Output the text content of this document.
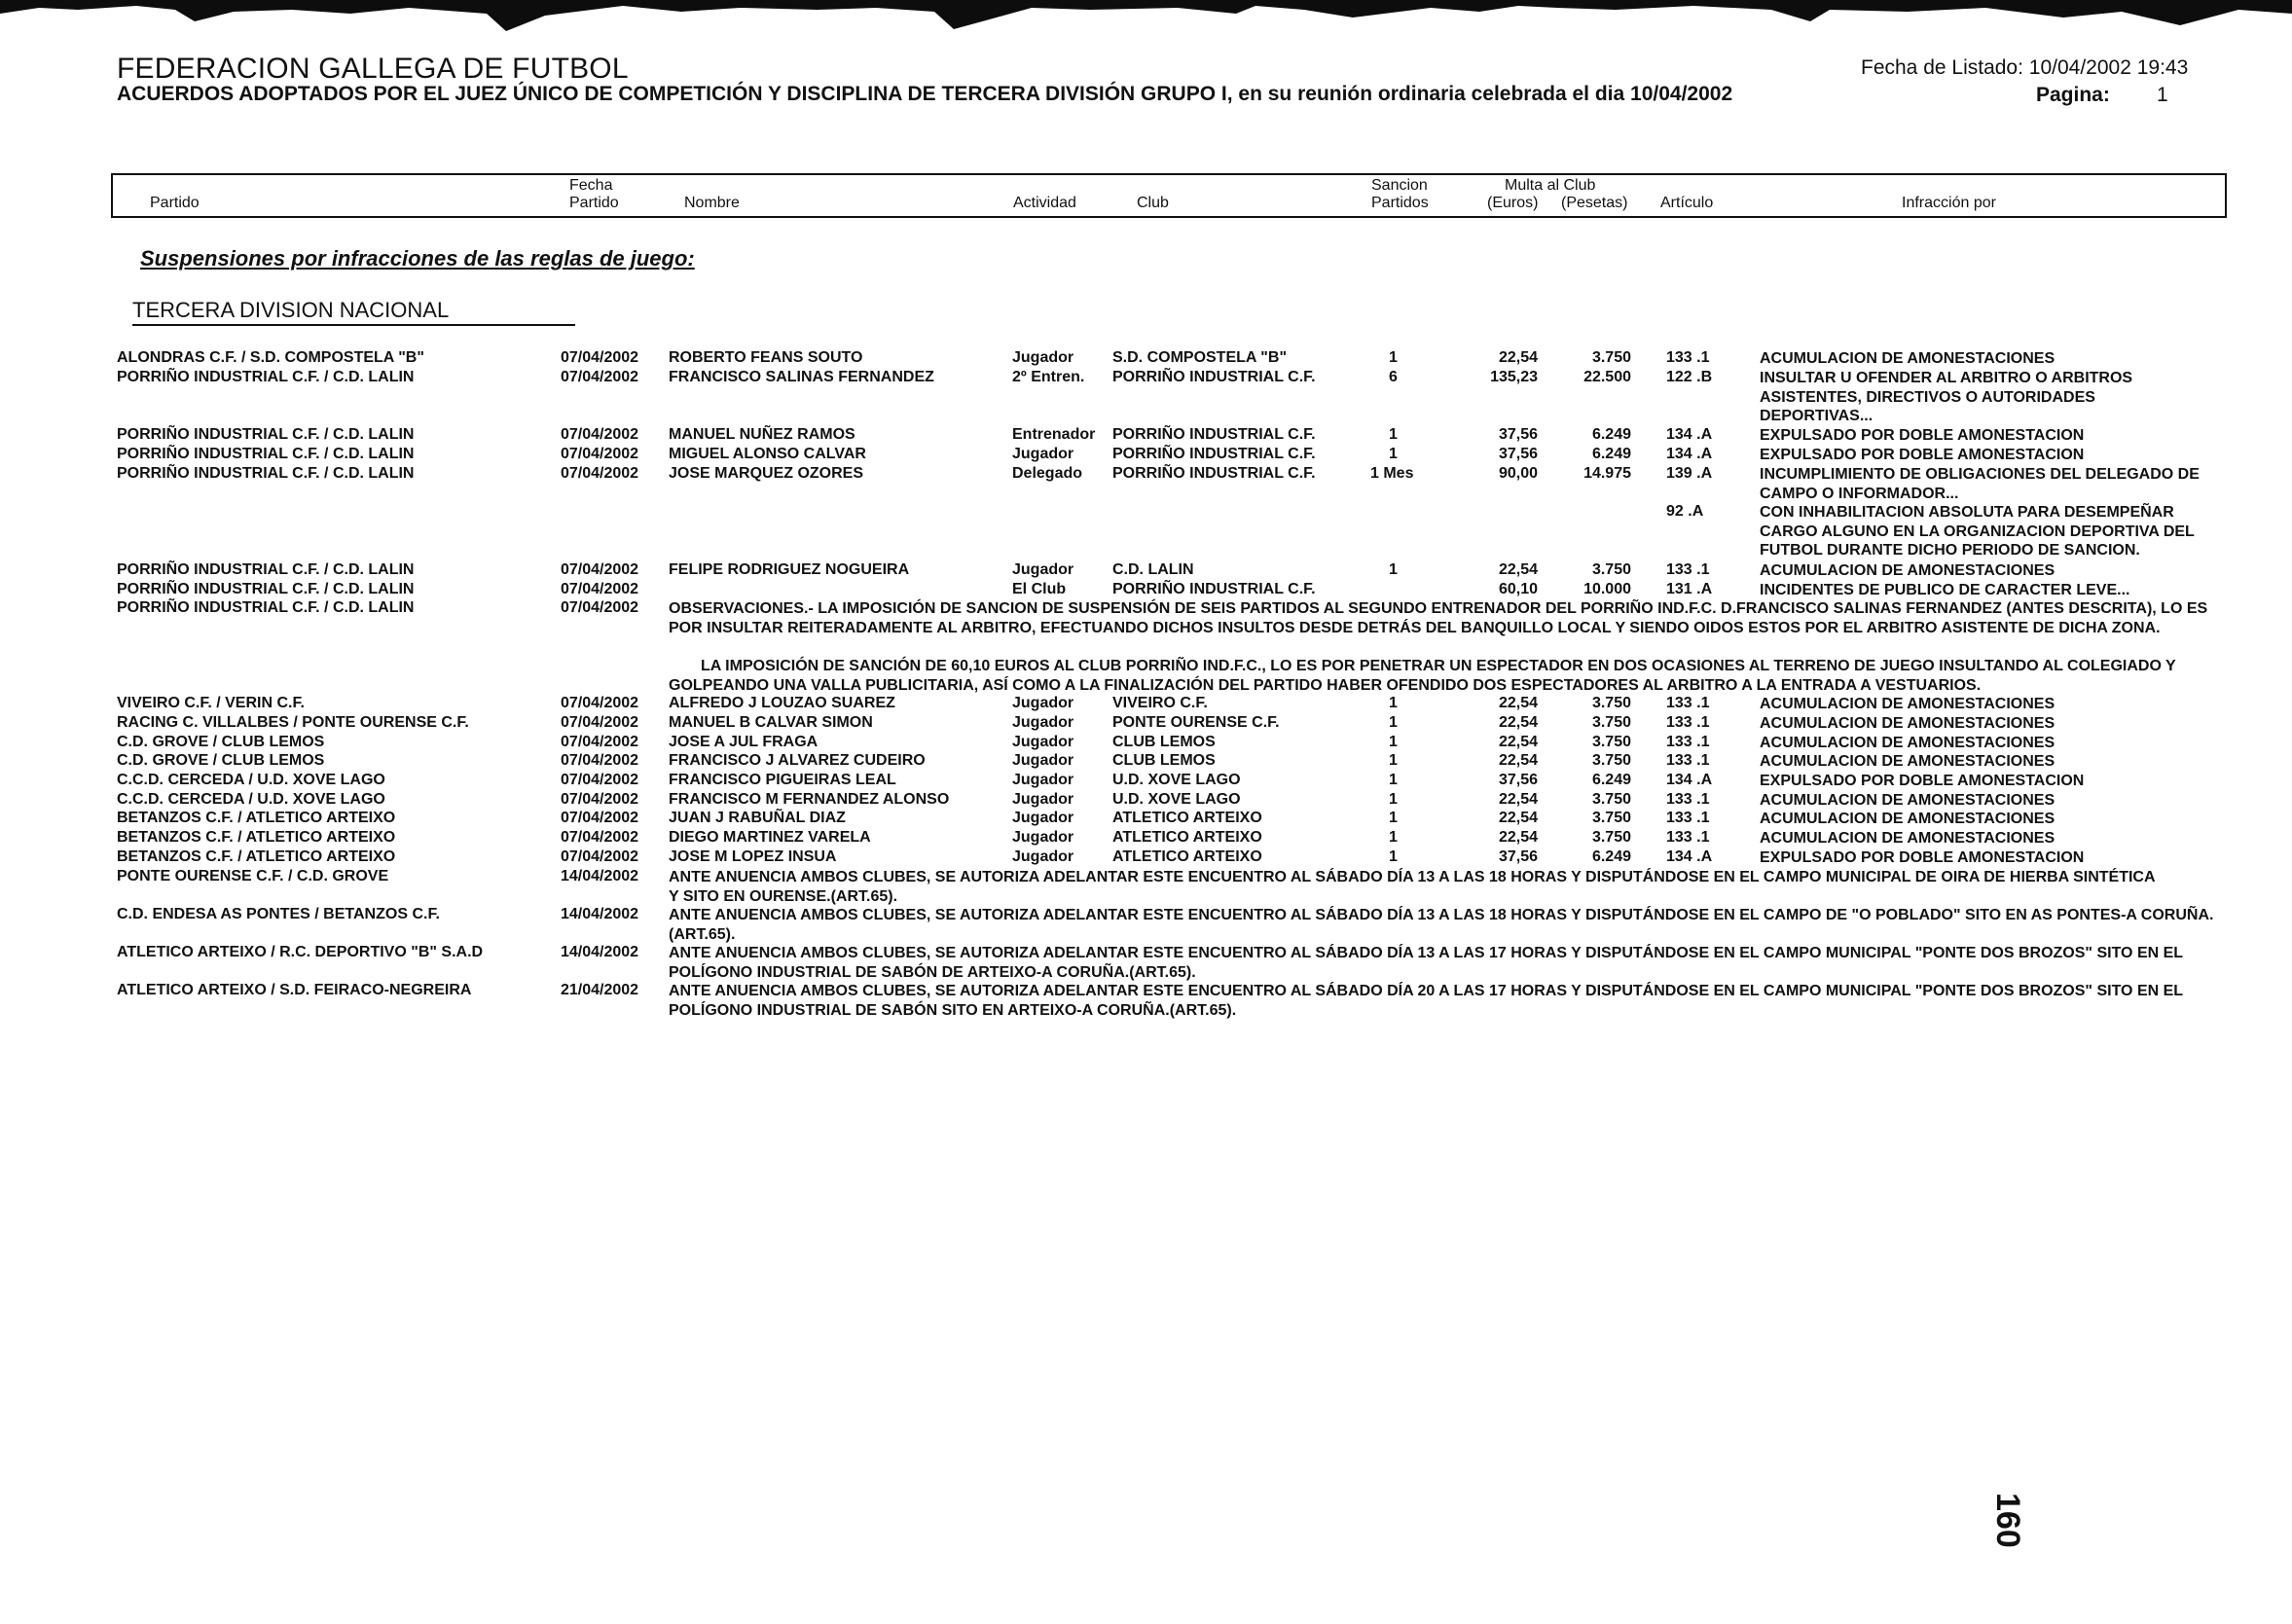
FEDERACION GALLEGA DE FUTBOL	Fecha de Listado: 10/04/2002 19:43
ACUERDOS ADOPTADOS POR EL JUEZ ÚNICO DE COMPETICIÓN Y DISCIPLINA DE TERCERA DIVISIÓN GRUPO I, en su reunión ordinaria celebrada el dia 10/04/2002	Pagina: 1
Partido
Fecha
Partido	Nombre	Actividad	Club
Sancion
Partidos
Multa al Club
(Euros) (Pesetas) Artículo	Infracción por
Suspensiones por infracciones de las reglas de juego:
TERCERA DIVISION NACIONAL
ALONDRAS C.F. / S.D. COMPOSTELA "B"	07/04/2002 ROBERTO FEANS SOUTO	Jugador S.D. COMPOSTELA "B"	1	22,54	3.750 133 .1	ACUMULACION DE AMONESTACIONES
PORRIÑO INDUSTRIAL C.F. / C.D. LALIN	07/04/2002 FRANCISCO SALINAS FERNANDEZ	2º Entren. PORRIÑO INDUSTRIAL C.F.	6	135,23	22.500 122 .B	INSULTAR U OFENDER AL ARBITRO O ARBITROS ASISTENTES, DIRECTIVOS O AUTORIDADES DEPORTIVAS...
PORRIÑO INDUSTRIAL C.F. / C.D. LALIN	07/04/2002 MANUEL NUÑEZ RAMOS	Entrenador PORRIÑO INDUSTRIAL C.F.	1	37,56	6.249 134 .A	EXPULSADO POR DOBLE AMONESTACION
PORRIÑO INDUSTRIAL C.F. / C.D. LALIN	07/04/2002 MIGUEL ALONSO CALVAR	Jugador PORRIÑO INDUSTRIAL C.F.	1	37,56	6.249 134 .A	EXPULSADO POR DOBLE AMONESTACION
PORRIÑO INDUSTRIAL C.F. / C.D. LALIN	07/04/2002 JOSE MARQUEZ OZORES	Delegado PORRIÑO INDUSTRIAL C.F.	1 Mes	90,00	14.975 139 .A	INCUMPLIMIENTO DE OBLIGACIONES DEL DELEGADO DE CAMPO O INFORMADOR...
92 .A	CON INHABILITACION ABSOLUTA PARA DESEMPEÑAR CARGO ALGUNO EN LA ORGANIZACION DEPORTIVA DEL FUTBOL DURANTE DICHO PERIODO DE SANCION.
PORRIÑO INDUSTRIAL C.F. / C.D. LALIN	07/04/2002 FELIPE RODRIGUEZ NOGUEIRA	Jugador C.D. LALIN	1	22,54	3.750 133 .1	ACUMULACION DE AMONESTACIONES
PORRIÑO INDUSTRIAL C.F. / C.D. LALIN	07/04/2002	El Club	PORRIÑO INDUSTRIAL C.F.	60,10	10.000 131 .A	INCIDENTES DE PUBLICO DE CARACTER LEVE...
PORRIÑO INDUSTRIAL C.F. / C.D. LALIN	07/04/2002 OBSERVACIONES.- LA IMPOSICIÓN DE SANCION DE SUSPENSIÓN DE SEIS PARTIDOS AL SEGUNDO ENTRENADOR DEL PORRIÑO IND.F.C. D.FRANCISCO SALINAS FERNANDEZ (ANTES DESCRITA), LO ES POR INSULTAR REITERADAMENTE AL ARBITRO, EFECTUANDO DICHOS INSULTOS DESDE DETRÁS DEL BANQUILLO LOCAL Y SIENDO OIDOS ESTOS POR EL ARBITRO ASISTENTE DE DICHA ZONA.
LA IMPOSICIÓN DE SANCIÓN DE 60,10 EUROS AL CLUB PORRIÑO IND.F.C., LO ES POR PENETRAR UN ESPECTADOR EN DOS OCASIONES AL TERRENO DE JUEGO INSULTANDO AL COLEGIADO Y GOLPEANDO UNA VALLA PUBLICITARIA, ASÍ COMO A LA FINALIZACIÓN DEL PARTIDO HABER OFENDIDO DOS ESPECTADORES AL ARBITRO A LA ENTRADA A VESTUARIOS.
VIVEIRO C.F. / VERIN C.F.	07/04/2002 ALFREDO J LOUZAO SUAREZ	Jugador VIVEIRO C.F.	1	22,54	3.750 133 .1	ACUMULACION DE AMONESTACIONES
RACING C. VILLALBES / PONTE OURENSE C.F.	07/04/2002 MANUEL B CALVAR SIMON	Jugador PONTE OURENSE C.F.	1	22,54	3.750 133 .1	ACUMULACION DE AMONESTACIONES
C.D. GROVE / CLUB LEMOS	07/04/2002 JOSE A JUL FRAGA	Jugador CLUB LEMOS	1	22,54	3.750 133 .1	ACUMULACION DE AMONESTACIONES
C.D. GROVE / CLUB LEMOS	07/04/2002 FRANCISCO J ALVAREZ CUDEIRO	Jugador CLUB LEMOS	1	22,54	3.750 133 .1	ACUMULACION DE AMONESTACIONES
C.C.D. CERCEDA / U.D. XOVE LAGO	07/04/2002 FRANCISCO PIGUEIRAS LEAL	Jugador U.D. XOVE LAGO	1	37,56	6.249 134 .A	EXPULSADO POR DOBLE AMONESTACION
C.C.D. CERCEDA / U.D. XOVE LAGO	07/04/2002 FRANCISCO M FERNANDEZ ALONSO	Jugador U.D. XOVE LAGO	1	22,54	3.750 133 .1	ACUMULACION DE AMONESTACIONES
BETANZOS C.F. / ATLETICO ARTEIXO	07/04/2002 JUAN J RABUÑAL DIAZ	Jugador ATLETICO ARTEIXO	1	22,54	3.750 133 .1	ACUMULACION DE AMONESTACIONES
BETANZOS C.F. / ATLETICO ARTEIXO	07/04/2002 DIEGO MARTINEZ VARELA	Jugador ATLETICO ARTEIXO	1	22,54	3.750 133 .1	ACUMULACION DE AMONESTACIONES
BETANZOS C.F. / ATLETICO ARTEIXO	07/04/2002 JOSE M LOPEZ INSUA	Jugador ATLETICO ARTEIXO	1	37,56	6.249 134 .A	EXPULSADO POR DOBLE AMONESTACION
PONTE OURENSE C.F. / C.D. GROVE	14/04/2002 ANTE ANUENCIA AMBOS CLUBES, SE AUTORIZA ADELANTAR ESTE ENCUENTRO AL SÁBADO DÍA 13 A LAS 18 HORAS Y DISPUTÁNDOSE EN EL CAMPO MUNICIPAL DE OIRA DE HIERBA SINTÉTICA Y SITO EN OURENSE.(ART.65).
C.D. ENDESA AS PONTES / BETANZOS C.F.	14/04/2002 ANTE ANUENCIA AMBOS CLUBES, SE AUTORIZA ADELANTAR ESTE ENCUENTRO AL SÁBADO DÍA 13 A LAS 18 HORAS Y DISPUTÁNDOSE EN EL CAMPO DE "O POBLADO" SITO EN AS PONTES-A CORUÑA.(ART.65).
ATLETICO ARTEIXO / R.C. DEPORTIVO "B" S.A.D	14/04/2002 ANTE ANUENCIA AMBOS CLUBES, SE AUTORIZA ADELANTAR ESTE ENCUENTRO AL SÁBADO DÍA 13 A LAS 17 HORAS Y DISPUTÁNDOSE EN EL CAMPO MUNICIPAL "PONTE DOS BROZOS" SITO EN EL POLÍGONO INDUSTRIAL DE SABÓN DE ARTEIXO-A CORUÑA.(ART.65).
ATLETICO ARTEIXO / S.D. FEIRACO-NEGREIRA	21/04/2002 ANTE ANUENCIA AMBOS CLUBES, SE AUTORIZA ADELANTAR ESTE ENCUENTRO AL SÁBADO DÍA 20 A LAS 17 HORAS Y DISPUTÁNDOSE EN EL CAMPO MUNICIPAL "PONTE DOS BROZOS" SITO EN EL POLÍGONO INDUSTRIAL DE SABÓN SITO EN ARTEIXO-A CORUÑA.(ART.65).
160
